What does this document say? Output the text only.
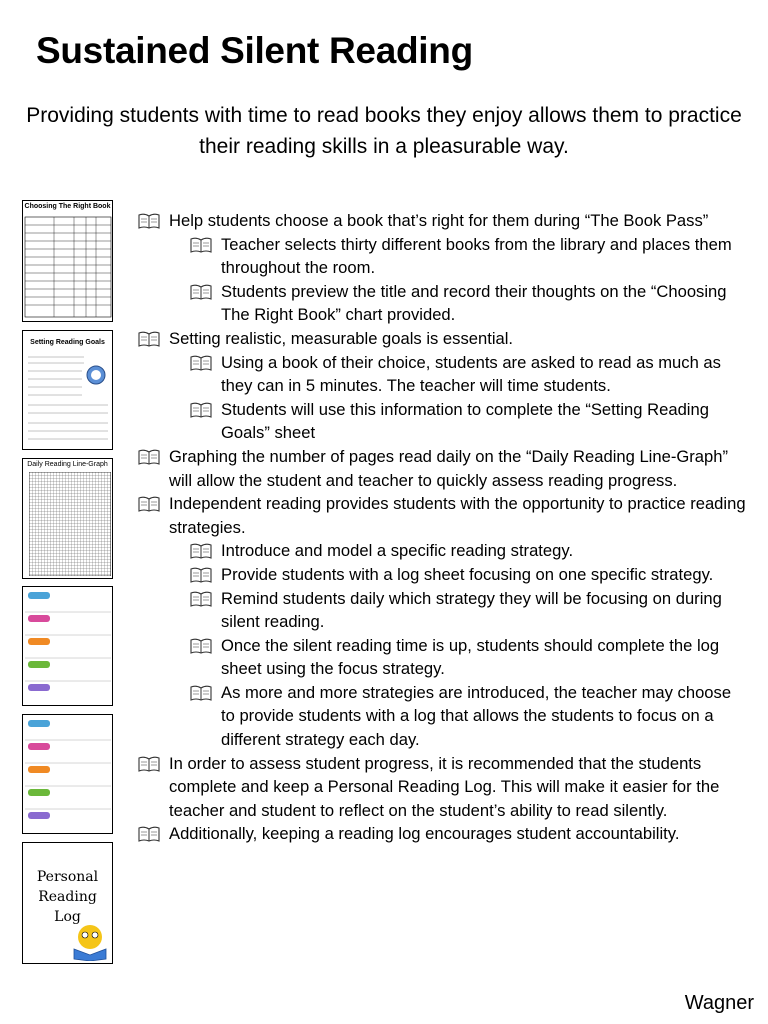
Sustained Silent Reading
Providing students with time to read books they enjoy allows them to practice their reading skills in a pleasurable way.
Choosing The Right Book
Setting Reading Goals
Daily Reading Line-Graph
Personal
Reading
Log
Help students choose a book that’s right for them during “The Book Pass”
Teacher selects thirty different books from the library and places them throughout the room.
Students preview the title and record their thoughts on the “Choosing The Right Book” chart provided.
Setting realistic, measurable goals is essential.
Using a book of their choice, students are asked to read as much as they can in 5 minutes. The teacher will time students.
Students will use this information to complete the “Setting Reading Goals” sheet
Graphing the number of pages read daily on the “Daily Reading Line-Graph” will allow the student and teacher to quickly assess reading progress.
Independent reading provides students with the opportunity to practice reading strategies.
Introduce and model a specific reading strategy.
Provide students with a log sheet focusing on one specific strategy.
Remind students daily which strategy they will be focusing on during silent reading.
Once the silent reading time is up, students should complete the log sheet using the focus strategy.
As more and more strategies are introduced, the teacher may choose to provide students with a log that allows the students to focus on a different strategy each day.
In order to assess student progress, it is recommended that the students complete and keep a Personal Reading Log. This will make it easier for the teacher and student to reflect on the student’s ability to read silently.
Additionally, keeping a reading log encourages student accountability.
Wagner
